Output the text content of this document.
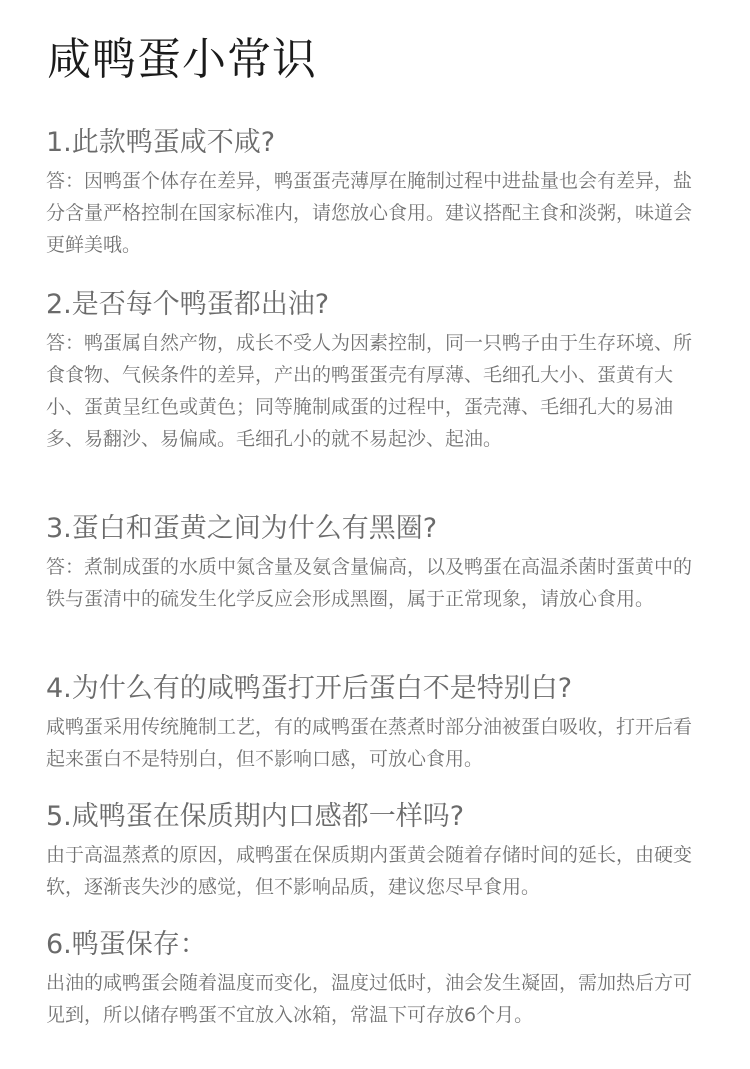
咸鸭蛋小常识

1.此款鸭蛋咸不咸?

答：因鸭蛋个体存在差异，鸭蛋蛋壳薄厚在腌制过程中进盐量也会有差异，盐分含量严格控制在国家标准内，请您放心食用。建议搭配主食和淡粥，味道会更鲜美哦。

2.是否每个鸭蛋都出油?

答：鸭蛋属自然产物，成长不受人为因素控制，同一只鸭子由于生存环境、所食食物、气候条件的差异，产出的鸭蛋蛋壳有厚薄、毛细孔大小、蛋黄有大小、蛋黄呈红色或黄色；同等腌制咸蛋的过程中，蛋壳薄、毛细孔大的易油多、易翻沙、易偏咸。毛细孔小的就不易起沙、起油。

3.蛋白和蛋黄之间为什么有黑圈?

答：煮制成蛋的水质中氮含量及氨含量偏高，以及鸭蛋在高温杀菌时蛋黄中的铁与蛋清中的硫发生化学反应会形成黑圈，属于正常现象，请放心食用。

4.为什么有的咸鸭蛋打开后蛋白不是特别白?

咸鸭蛋采用传统腌制工艺，有的咸鸭蛋在蒸煮时部分油被蛋白吸收，打开后看起来蛋白不是特别白，但不影响口感，可放心食用。

5.咸鸭蛋在保质期内口感都一样吗?

由于高温蒸煮的原因，咸鸭蛋在保质期内蛋黄会随着存储时间的延长，由硬变软，逐渐丧失沙的感觉，但不影响品质，建议您尽早食用。

6.鸭蛋保存：

出油的咸鸭蛋会随着温度而变化，温度过低时，油会发生凝固，需加热后方可见到，所以储存鸭蛋不宜放入冰箱，常温下可存放6个月。
